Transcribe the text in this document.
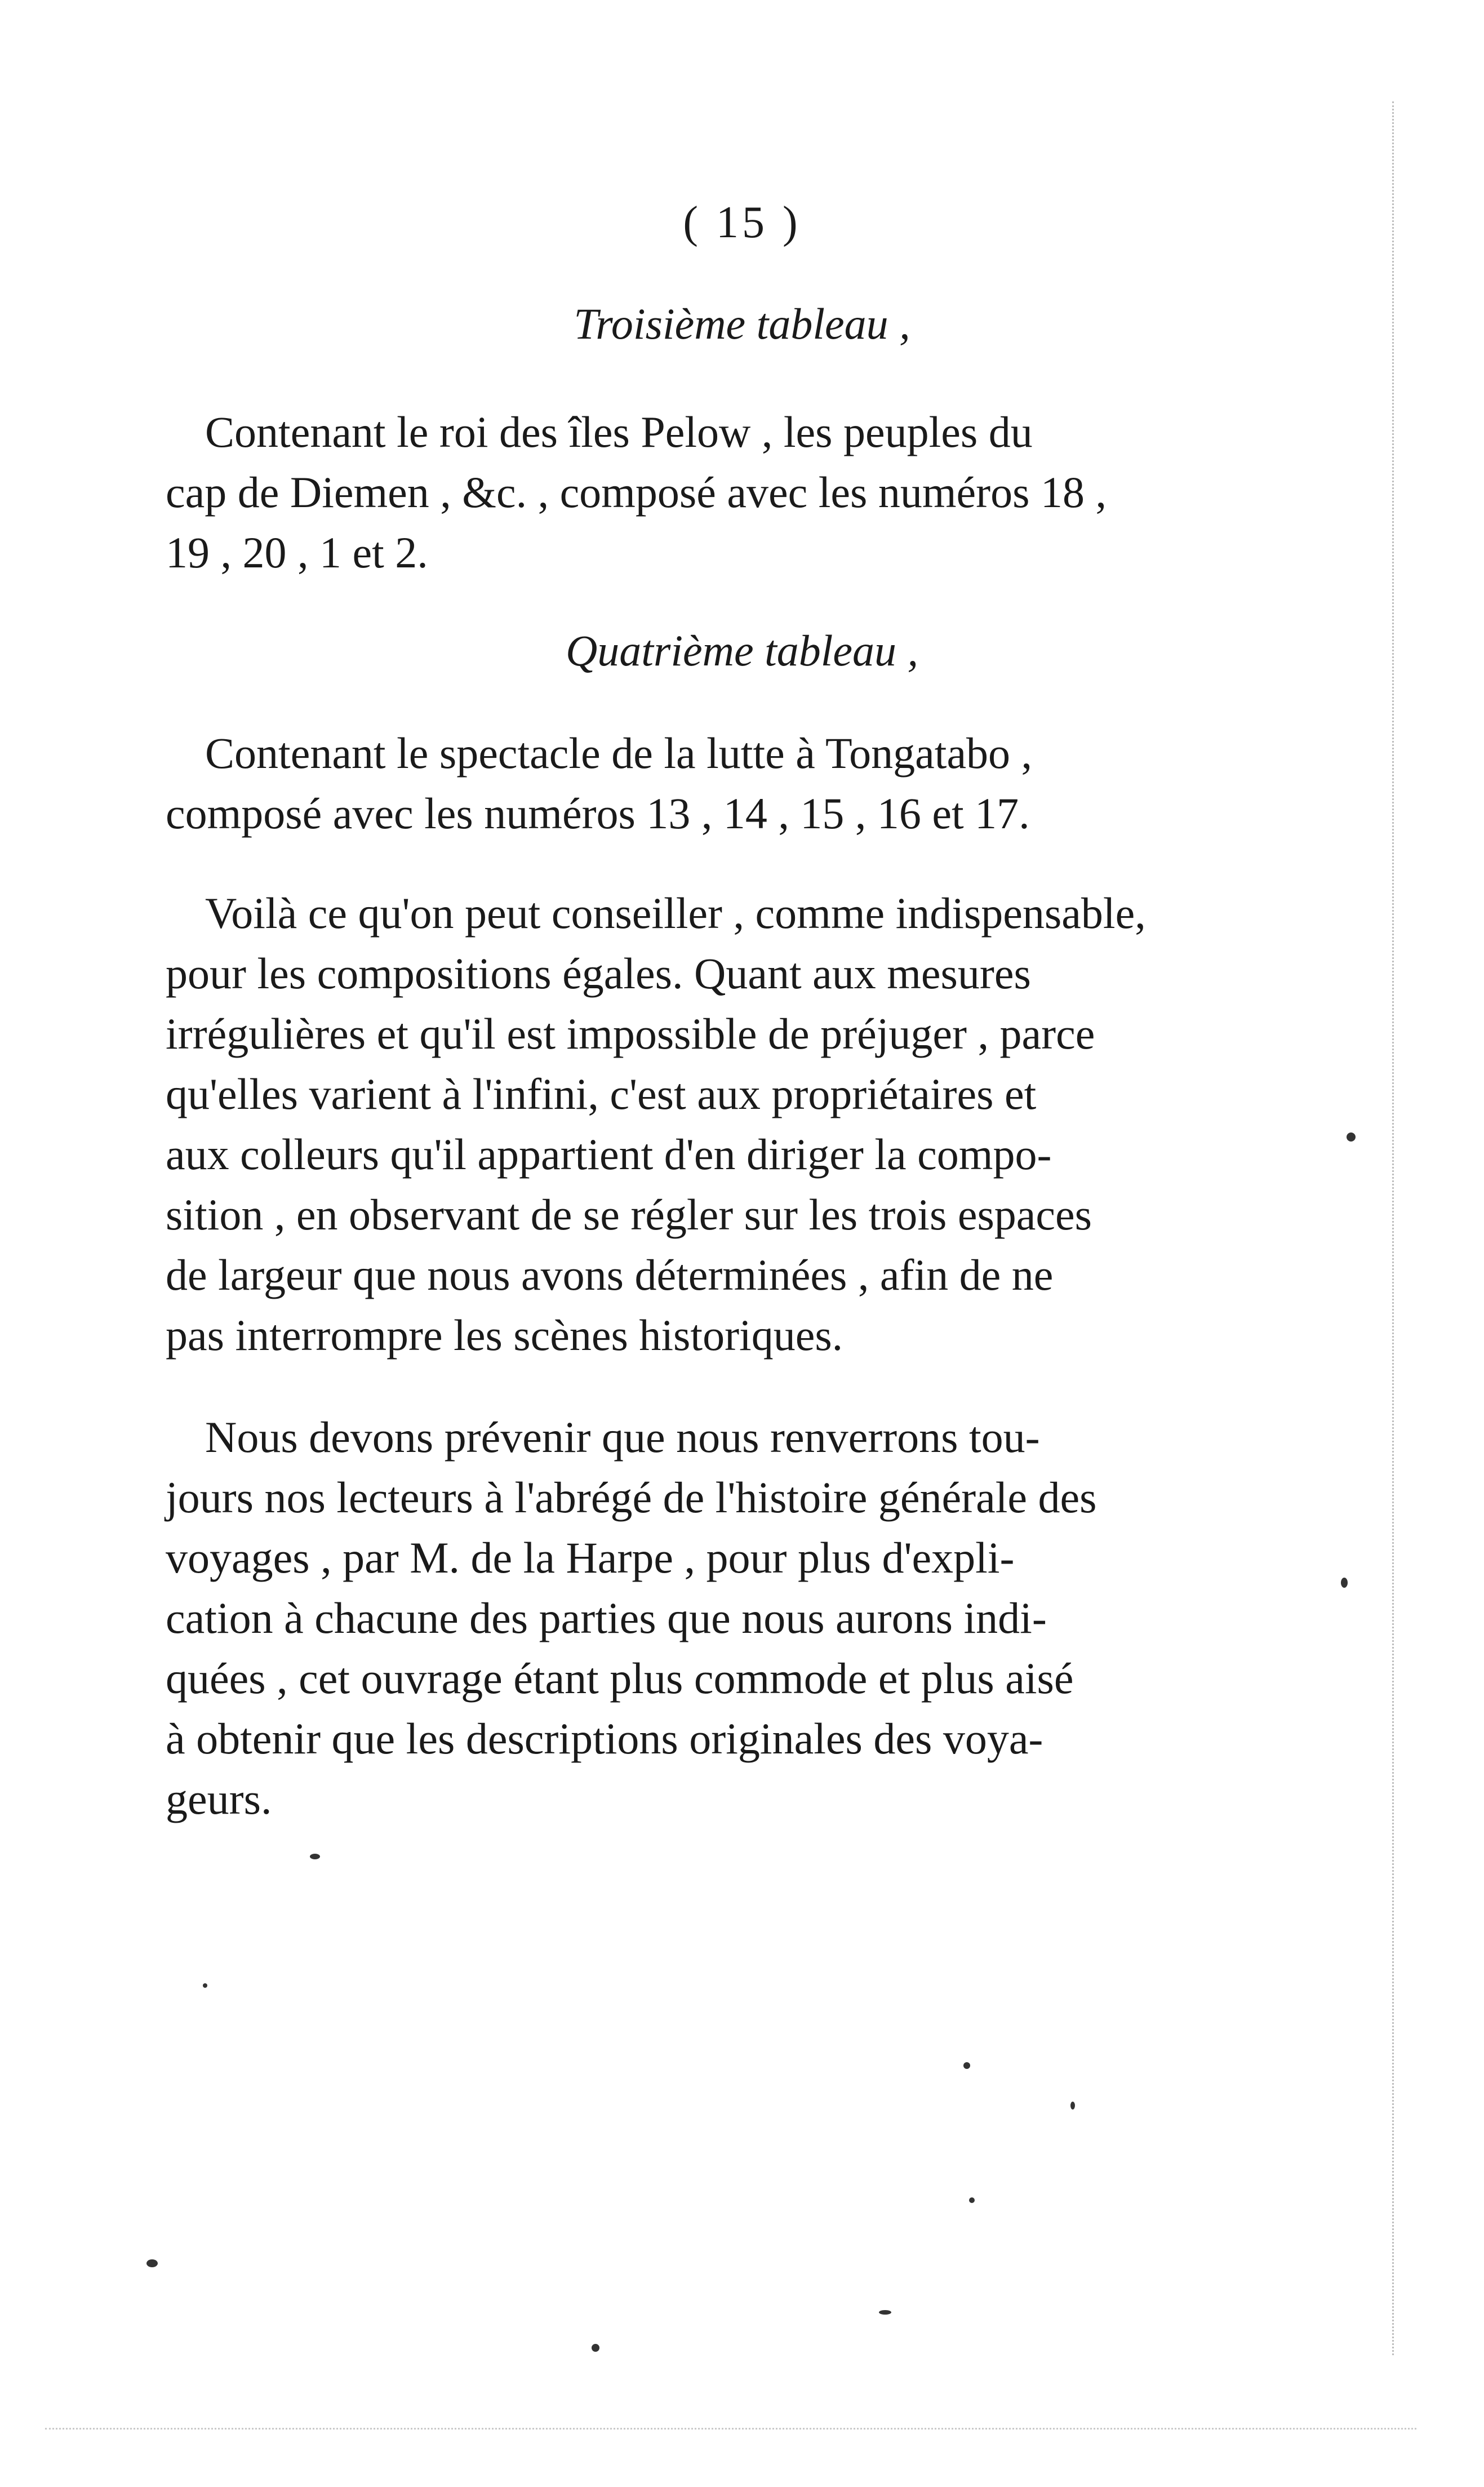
( 15 )
Troisième tableau ,
Contenant le roi des îles Pelow , les peuples du
cap de Diemen , &c. , composé avec les numéros 18 ,
19 , 20 , 1 et 2.
Quatrième tableau ,
Contenant le spectacle de la lutte à Tongatabo ,
composé avec les numéros 13 , 14 , 15 , 16 et 17.
Voilà ce qu'on peut conseiller , comme indispensable,
pour les compositions égales. Quant aux mesures
irrégulières et qu'il est impossible de préjuger , parce
qu'elles varient à l'infini, c'est aux propriétaires et
aux colleurs qu'il appartient d'en diriger la compo-
sition , en observant de se régler sur les trois espaces
de largeur que nous avons déterminées , afin de ne
pas interrompre les scènes historiques.
Nous devons prévenir que nous renverrons tou-
jours nos lecteurs à l'abrégé de l'histoire générale des
voyages , par M. de la Harpe , pour plus d'expli-
cation à chacune des parties que nous aurons indi-
quées , cet ouvrage étant plus commode et plus aisé
à obtenir que les descriptions originales des voya-
geurs.
